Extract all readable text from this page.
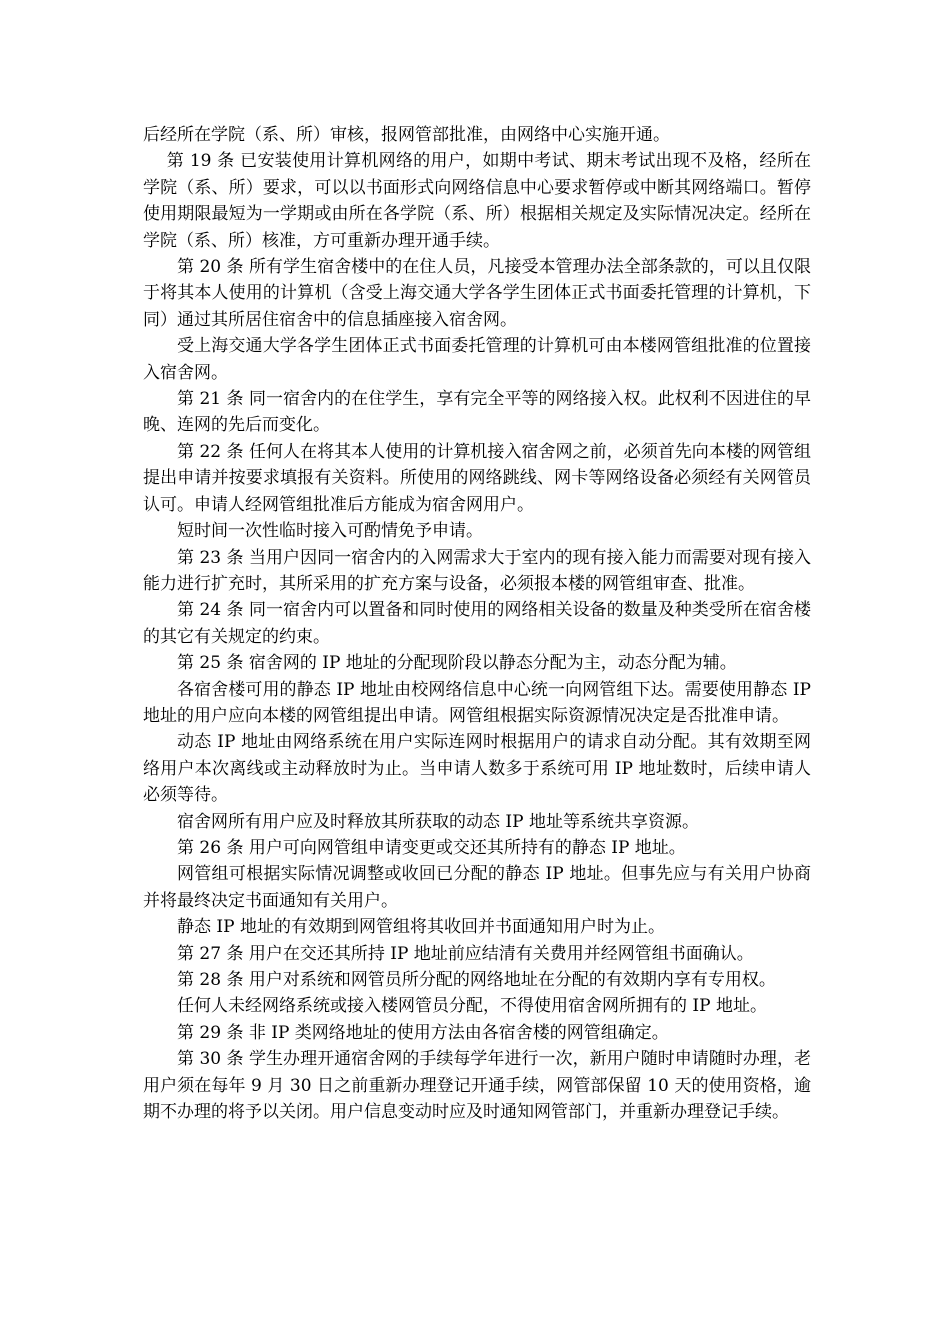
后经所在学院（系、所）审核，报网管部批准，由网络中心实施开通。

第 19 条 已安装使用计算机网络的用户，如期中考试、期末考试出现不及格，经所在学院（系、所）要求，可以以书面形式向网络信息中心要求暂停或中断其网络端口。暂停使用期限最短为一学期或由所在各学院（系、所）根据相关规定及实际情况决定。经所在学院（系、所）核准，方可重新办理开通手续。

第 20 条 所有学生宿舍楼中的在住人员，凡接受本管理办法全部条款的，可以且仅限于将其本人使用的计算机（含受上海交通大学各学生团体正式书面委托管理的计算机，下同）通过其所居住宿舍中的信息插座接入宿舍网。

受上海交通大学各学生团体正式书面委托管理的计算机可由本楼网管组批准的位置接入宿舍网。

第 21 条 同一宿舍内的在住学生，享有完全平等的网络接入权。此权利不因进住的早晚、连网的先后而变化。

第 22 条 任何人在将其本人使用的计算机接入宿舍网之前，必须首先向本楼的网管组提出申请并按要求填报有关资料。所使用的网络跳线、网卡等网络设备必须经有关网管员认可。申请人经网管组批准后方能成为宿舍网用户。

短时间一次性临时接入可酌情免予申请。

第 23 条 当用户因同一宿舍内的入网需求大于室内的现有接入能力而需要对现有接入能力进行扩充时，其所采用的扩充方案与设备，必须报本楼的网管组审查、批准。

第 24 条 同一宿舍内可以置备和同时使用的网络相关设备的数量及种类受所在宿舍楼的其它有关规定的约束。

第 25 条 宿舍网的 IP 地址的分配现阶段以静态分配为主，动态分配为辅。

各宿舍楼可用的静态 IP 地址由校网络信息中心统一向网管组下达。需要使用静态 IP 地址的用户应向本楼的网管组提出申请。网管组根据实际资源情况决定是否批准申请。

动态 IP 地址由网络系统在用户实际连网时根据用户的请求自动分配。其有效期至网络用户本次离线或主动释放时为止。当申请人数多于系统可用 IP 地址数时，后续申请人必须等待。

宿舍网所有用户应及时释放其所获取的动态 IP 地址等系统共享资源。

第 26 条 用户可向网管组申请变更或交还其所持有的静态 IP 地址。

网管组可根据实际情况调整或收回已分配的静态 IP 地址。但事先应与有关用户协商并将最终决定书面通知有关用户。

静态 IP 地址的有效期到网管组将其收回并书面通知用户时为止。

第 27 条 用户在交还其所持 IP 地址前应结清有关费用并经网管组书面确认。

第 28 条 用户对系统和网管员所分配的网络地址在分配的有效期内享有专用权。

任何人未经网络系统或接入楼网管员分配，不得使用宿舍网所拥有的 IP 地址。

第 29 条 非 IP 类网络地址的使用方法由各宿舍楼的网管组确定。

第 30 条 学生办理开通宿舍网的手续每学年进行一次，新用户随时申请随时办理，老用户须在每年 9 月 30 日之前重新办理登记开通手续，网管部保留 10 天的使用资格，逾期不办理的将予以关闭。用户信息变动时应及时通知网管部门，并重新办理登记手续。
